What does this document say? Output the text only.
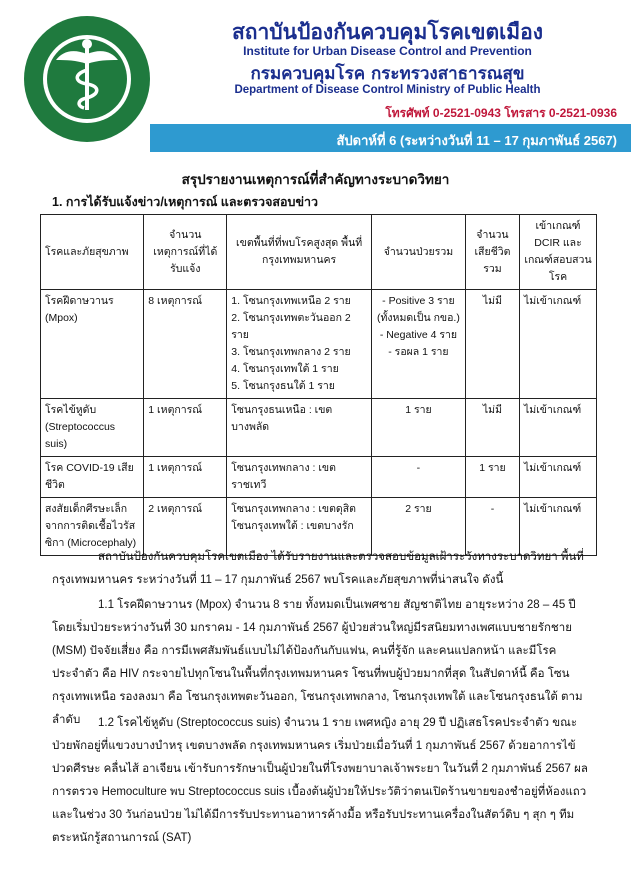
สถาบันป้องกันควบคุมโรคเขตเมือง
Institute for Urban Disease Control and Prevention
กรมควบคุมโรค กระทรวงสาธารณสุข
Department of Disease Control Ministry of Public Health
โทรศัพท์ 0-2521-0943 โทรสาร 0-2521-0936
สัปดาห์ที่ 6 (ระหว่างวันที่ 11 – 17 กุมภาพันธ์ 2567)
สรุปรายงานเหตุการณ์ที่สำคัญทางระบาดวิทยา
1. การได้รับแจ้งข่าว/เหตุการณ์ และตรวจสอบข่าว
โรคและภัยสุขภาพ	จำนวนเหตุการณ์ที่ได้รับแจ้ง	เขตพื้นที่ที่พบโรคสูงสุด พื้นที่กรุงเทพมหานคร	จำนวนป่วยรวม	จำนวนเสียชีวิตรวม	เข้าเกณฑ์ DCIR และเกณฑ์สอบสวนโรค
โรคฝีดาษวานร (Mpox)	8 เหตุการณ์	1. โซนกรุงเทพเหนือ 2 ราย
2. โซนกรุงเทพตะวันออก 2 ราย
3. โซนกรุงเทพกลาง 2 ราย
4. โซนกรุงเทพใต้ 1 ราย
5. โซนกรุงธนใต้ 1 ราย	- Positive 3 ราย
(ทั้งหมดเป็น กขอ.)
- Negative 4 ราย
- รอผล 1 ราย	ไม่มี	ไม่เข้าเกณฑ์
โรคไข้หูดับ (Streptococcus suis)	1 เหตุการณ์	โซนกรุงธนเหนือ : เขตบางพลัด	1 ราย	ไม่มี	ไม่เข้าเกณฑ์
โรค COVID-19 เสียชีวิต	1 เหตุการณ์	โซนกรุงเทพกลาง : เขตราชเทวี	-	1 ราย	ไม่เข้าเกณฑ์
สงสัยเด็กศีรษะเล็กจากการติดเชื้อไวรัสซิกา (Microcephaly)	2 เหตุการณ์	โซนกรุงเทพกลาง : เขตดุสิต
โซนกรุงเทพใต้ : เขตบางรัก	2 ราย	-	ไม่เข้าเกณฑ์
สถาบันป้องกันควบคุมโรคเขตเมือง ได้รับรายงานและตรวจสอบข้อมูลเฝ้าระวังทางระบาดวิทยา พื้นที่กรุงเทพมหานคร ระหว่างวันที่ 11 – 17 กุมภาพันธ์ 2567 พบโรคและภัยสุขภาพที่น่าสนใจ ดังนี้
1.1 โรคฝีดาษวานร (Mpox) จำนวน 8 ราย ทั้งหมดเป็นเพศชาย สัญชาติไทย อายุระหว่าง 28 – 45 ปี โดยเริ่มป่วยระหว่างวันที่ 30 มกราคม - 14 กุมภาพันธ์ 2567 ผู้ป่วยส่วนใหญ่มีรสนิยมทางเพศแบบชายรักชาย (MSM) ปัจจัยเสี่ยง คือ การมีเพศสัมพันธ์แบบไม่ได้ป้องกันกับแฟน, คนที่รู้จัก และคนแปลกหน้า และมีโรคประจำตัว คือ HIV กระจายไปทุกโซนในพื้นที่กรุงเทพมหานคร โซนที่พบผู้ป่วยมากที่สุด ในสัปดาห์นี้ คือ โซนกรุงเทพเหนือ รองลงมา คือ โซนกรุงเทพตะวันออก, โซนกรุงเทพกลาง, โซนกรุงเทพใต้ และโซนกรุงธนใต้ ตามลำดับ	1.2 โรคไข้หูดับ (Streptococcus suis) จำนวน 1 ราย เพศหญิง อายุ 29 ปี ปฏิเสธโรคประจำตัว ขณะป่วยพักอยู่ที่แขวงบางบำหรุ เขตบางพลัด กรุงเทพมหานคร เริ่มป่วยเมื่อวันที่ 1 กุมภาพันธ์ 2567 ด้วยอาการไข้ ปวดศีรษะ คลื่นไส้ อาเจียน เข้ารับการรักษาเป็นผู้ป่วยในที่โรงพยาบาลเจ้าพระยา ในวันที่ 2 กุมภาพันธ์ 2567 ผลการตรวจ Hemoculture พบ Streptococcus suis เบื้องต้นผู้ป่วยให้ประวัติว่าตนเปิดร้านขายของชำอยู่ที่ห้องแถว และในช่วง 30 วันก่อนป่วย ไม่ได้มีการรับประทานอาหารค้างมื้อ หรือรับประทานเครื่องในสัตว์ดิบ ๆ สุก ๆ ทีมตระหนักรู้สถานการณ์ (SAT)
